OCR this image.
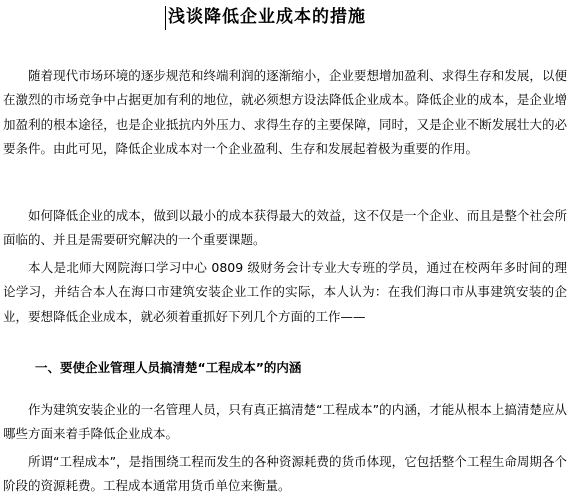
浅谈降低企业成本的措施

随着现代市场环境的逐步规范和终端利润的逐渐缩小，企业要想增加盈利、求得生存和发展，以便在激烈的市场竞争中占据更加有利的地位，就必须想方设法降低企业成本。降低企业的成本，是企业增加盈利的根本途径，也是企业抵抗内外压力、求得生存的主要保障，同时，又是企业不断发展壮大的必要条件。由此可见，降低企业成本对一个企业盈利、生存和发展起着极为重要的作用。

如何降低企业的成本，做到以最小的成本获得最大的效益，这不仅是一个企业、而且是整个社会所面临的、并且是需要研究解决的一个重要课题。

本人是北师大网院海口学习中心 0809 级财务会计专业大专班的学员，通过在校两年多时间的理论学习，并结合本人在海口市建筑安装企业工作的实际，本人认为：在我们海口市从事建筑安装的企业，要想降低企业成本，就必须着重抓好下列几个方面的工作——

一、要使企业管理人员搞清楚“工程成本”的内涵

作为建筑安装企业的一名管理人员，只有真正搞清楚“工程成本”的内涵，才能从根本上搞清楚应从哪些方面来着手降低企业成本。

所谓“工程成本”，是指围绕工程而发生的各种资源耗费的货币体现，它包括整个工程生命周期各个阶段的资源耗费。工程成本通常用货币单位来衡量。
